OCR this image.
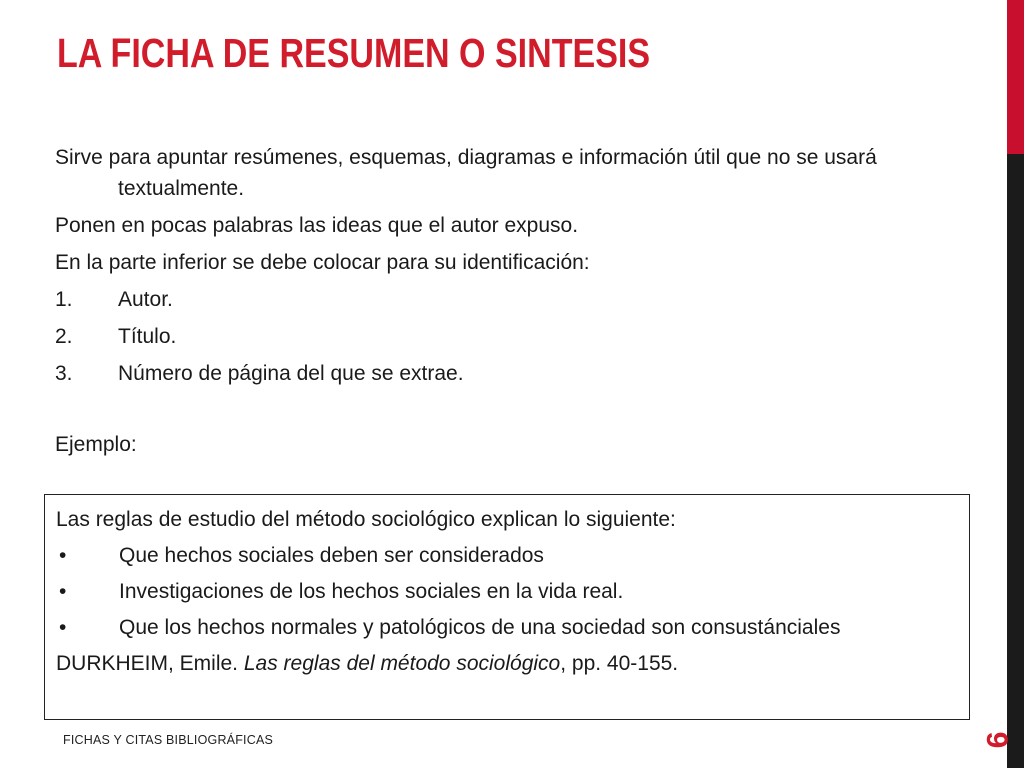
LA FICHA DE RESUMEN O SINTESIS

Sirve para apuntar resúmenes, esquemas, diagramas e información útil que no se usará textualmente.

Ponen en pocas palabras las ideas que el autor expuso.

En la parte inferior se debe colocar para su identificación:

1.	Autor.
2.	Título.
3.	Número de página del que se extrae.
Ejemplo:

Las reglas de estudio del método sociológico explican lo siguiente:

•	Que hechos sociales deben ser considerados
•	Investigaciones de los hechos sociales en la vida real.
•	Que los hechos normales y patológicos de una sociedad son consustánciales

DURKHEIM, Emile. Las reglas del método sociológico, pp. 40-155.

FICHAS Y CITAS BIBLIOGRÁFICAS	9
